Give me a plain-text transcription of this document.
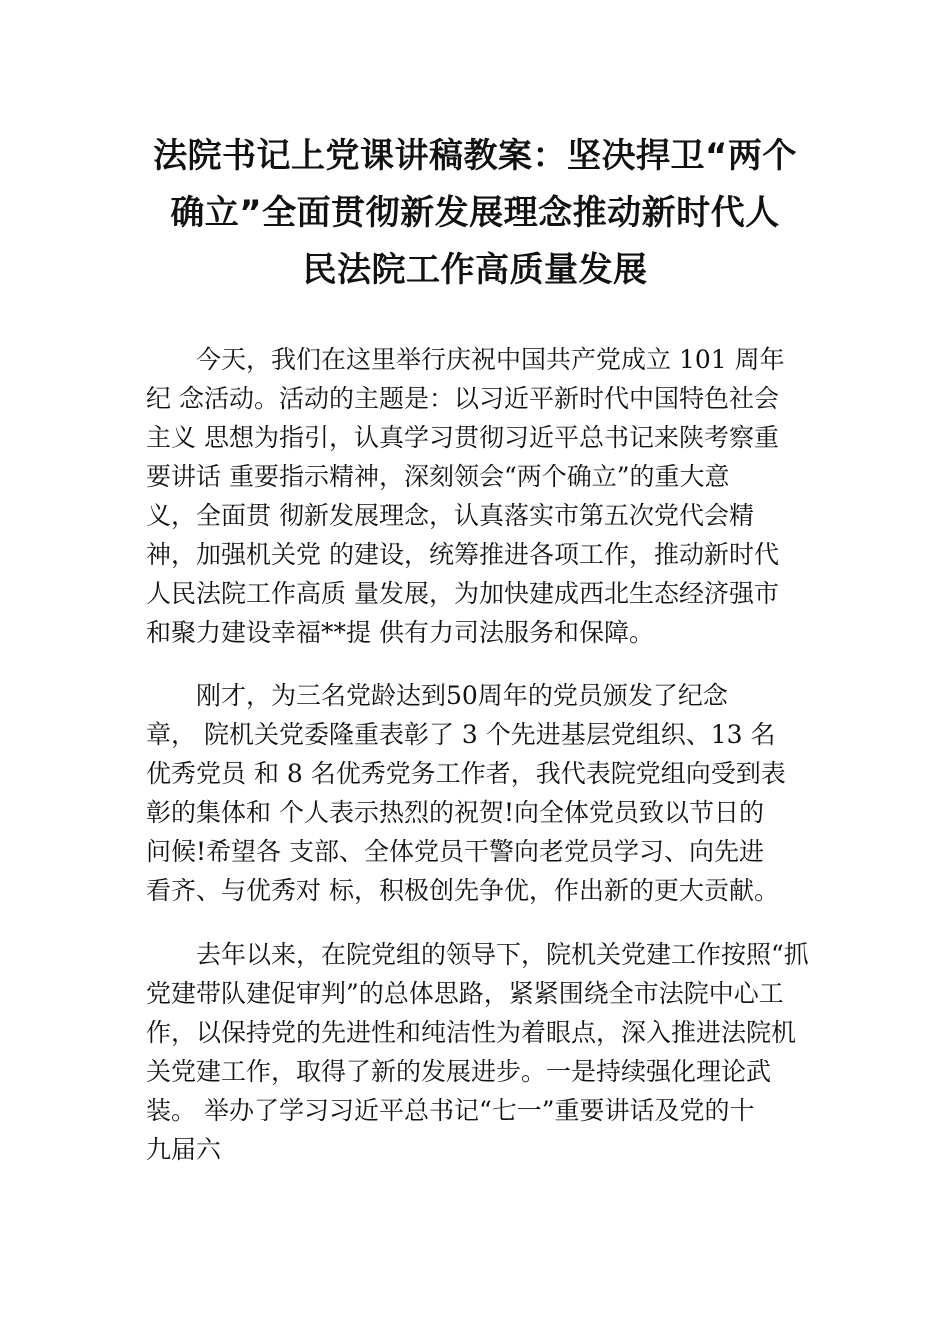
法院书记上党课讲稿教案：坚决捍卫“两个
确立”全面贯彻新发展理念推动新时代人
民法院工作高质量发展
今天，我们在这里举行庆祝中国共产党成立 101 周年
纪 念活动。活动的主题是：以习近平新时代中国特色社会
主义 思想为指引，认真学习贯彻习近平总书记来陕考察重
要讲话 重要指示精神，深刻领会“两个确立”的重大意
义，全面贯 彻新发展理念，认真落实市第五次党代会精
神，加强机关党 的建设，统筹推进各项工作，推动新时代
人民法院工作高质 量发展，为加快建成西北生态经济强市
和聚力建设幸福**提 供有力司法服务和保障。
刚才，为三名党龄达到50周年的党员颁发了纪念
章， 院机关党委隆重表彰了 3 个先进基层党组织、13 名
优秀党员 和 8 名优秀党务工作者，我代表院党组向受到表
彰的集体和 个人表示热烈的祝贺!向全体党员致以节日的
问候!希望各 支部、全体党员干警向老党员学习、向先进
看齐、与优秀对 标，积极创先争优，作出新的更大贡献。
去年以来，在院党组的领导下，院机关党建工作按照“抓
党建带队建促审判”的总体思路，紧紧围绕全市法院中心工
作，以保持党的先进性和纯洁性为着眼点，深入推进法院机
关党建工作，取得了新的发展进步。一是持续强化理论武
装。 举办了学习习近平总书记“七一”重要讲话及党的十
九届六
